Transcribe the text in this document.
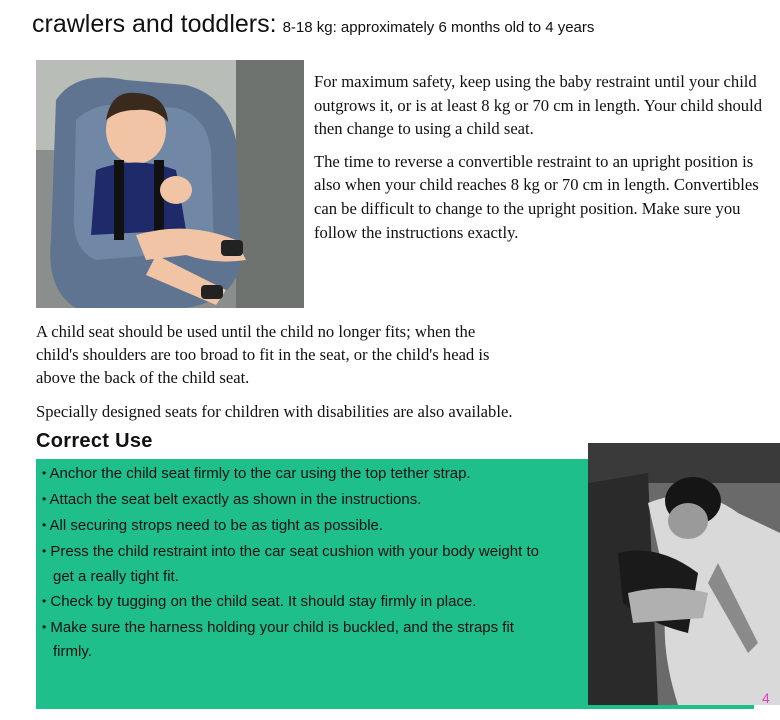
crawlers and toddlers: 8-18 kg: approximately 6 months old to 4 years

For maximum safety, keep using the baby restraint until your child outgrows it, or is at least 8 kg or 70 cm in length. Your child should then change to using a child seat.

The time to reverse a convertible restraint to an upright position is also when your child reaches 8 kg or 70 cm in length. Convertibles can be difficult to change to the upright position. Make sure you follow the instructions exactly.

A child seat should be used until the child no longer fits; when the child's shoulders are too broad to fit in the seat, or the child's head is above the back of the child seat.

Specially designed seats for children with disabilities are also available.

Correct Use
• Anchor the child seat firmly to the car using the top tether strap.
• Attach the seat belt exactly as shown in the instructions.
• All securing strops need to be as tight as possible.
• Press the child restraint into the car seat cushion with your body weight to get a really tight fit.
• Check by tugging on the child seat. It should stay firmly in place.
• Make sure the harness holding your child is buckled, and the straps fit firmly.
4
